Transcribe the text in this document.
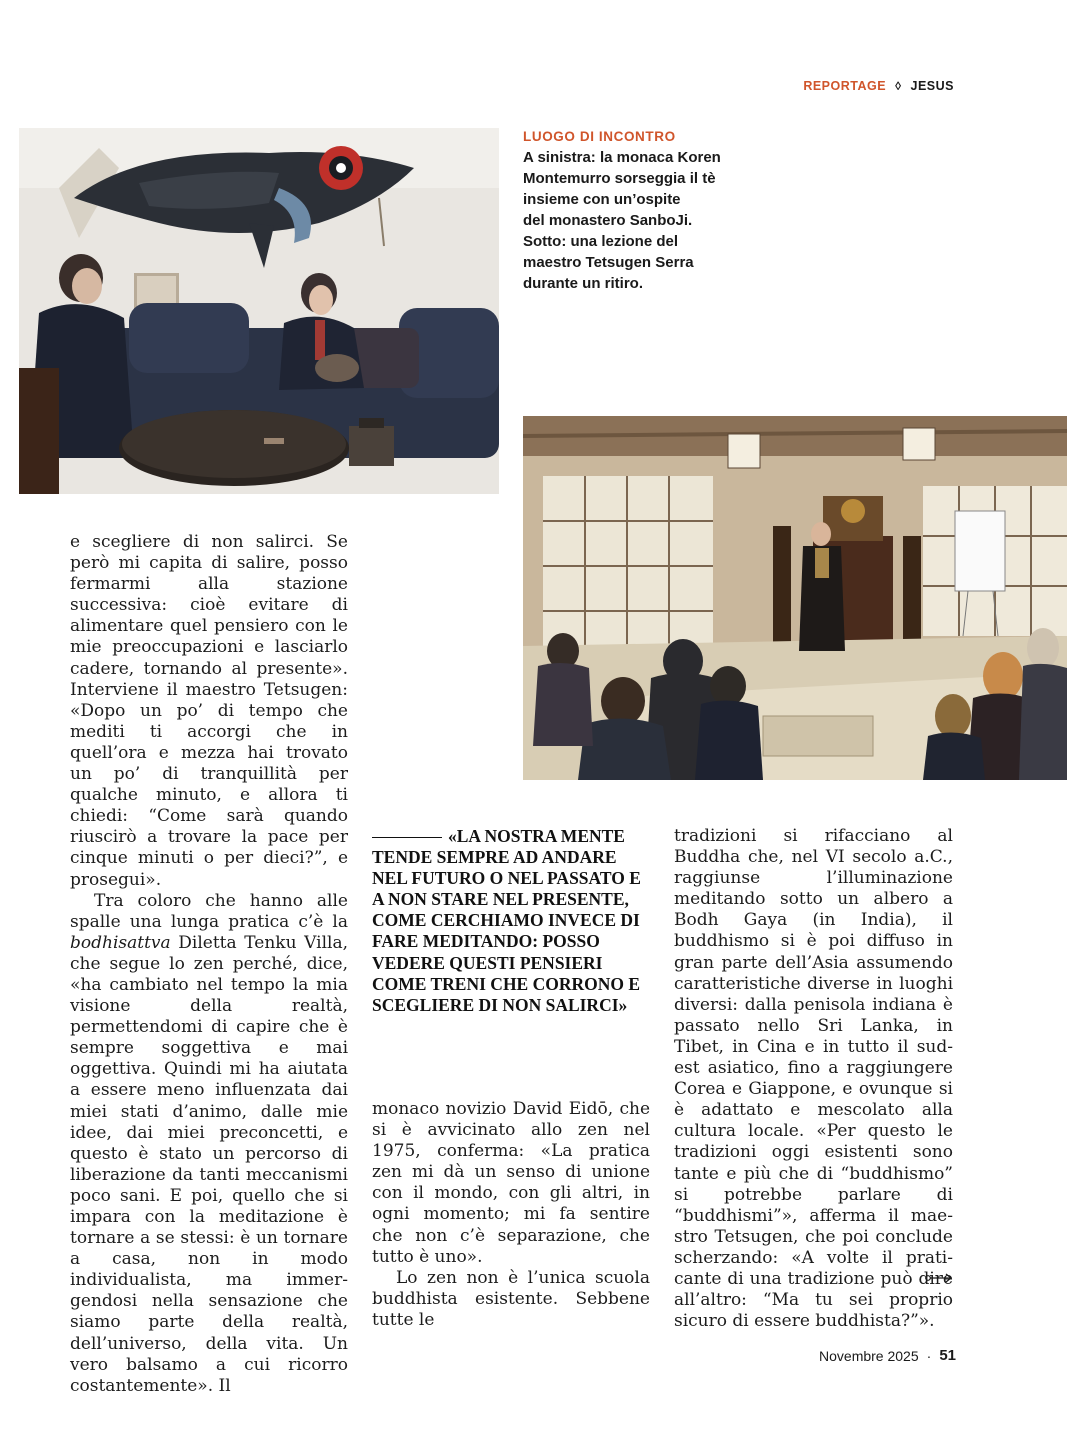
REPORTAGE ◊ JESUS
LUOGO DI INCONTRO
A sinistra: la monaca Koren
Montemurro sorseggia il tè
insieme con un’ospite
del monastero SanboJi.
Sotto: una lezione del
maestro Tetsugen Serra
durante un ritiro.

e scegliere di non salirci. Se però mi capita di salire, posso fermarmi alla stazione successiva: cioè evitare di alimentare quel pensiero con le mie preoccupazioni e lasciarlo cadere, tornando al presente». Interviene il maestro Tetsugen: «Dopo un po’ di tempo che mediti ti accorgi che in quell’ora e mezza hai trovato un po’ di tranquillità per qualche minuto, e allora ti chiedi: “Come sarà quando riuscirò a trovare la pace per cinque minuti o per dieci?”, e prosegui».

Tra coloro che hanno alle spalle una lunga pratica c’è la bodhisattva Diletta Tenku Villa, che segue lo zen perché, dice, «ha cambiato nel tempo la mia visione della realtà, permettendomi di capire che è sempre soggettiva e mai oggettiva. Quindi mi ha aiutata a essere meno influenzata dai miei stati d’animo, dalle mie idee, dai miei preconcetti, e questo è stato un percorso di liberazione da tanti meccanismi poco sani. E poi, quello che si impara con la meditazione è tornare a se stessi: è un tornare a casa, non in modo individualista, ma immergendosi nella sensazione che siamo parte della realtà, dell’universo, della vita. Un vero balsamo a cui ricorro costantemente». Il

«LA NOSTRA MENTE TENDE SEMPRE AD ANDARE NEL FUTURO O NEL PASSATO E A NON STARE NEL PRESENTE, COME CERCHIAMO INVECE DI FARE MEDITANDO: POSSO VEDERE QUESTI PENSIERI COME TRENI CHE CORRONO E SCEGLIERE DI NON SALIRCI»

monaco novizio David Eidō, che si è avvicinato allo zen nel 1975, conferma: «La pratica zen mi dà un senso di unione con il mondo, con gli altri, in ogni momento; mi fa sentire che non c’è separazione, che tutto è uno».

Lo zen non è l’unica scuola buddhista esistente. Sebbene tutte le

tradizioni si rifacciano al Buddha che, nel VI secolo a.C., raggiunse l’illuminazione meditando sotto un albero a Bodh Gaya (in India), il buddhismo si è poi diffuso in gran parte dell’Asia assumendo caratteristiche diverse in luoghi diversi: dalla penisola indiana è passato nello Sri Lanka, in Tibet, in Cina e in tutto il sud-est asiatico, fino a raggiungere Corea e Giappone, e ovunque si è adattato e mescolato alla cultura locale. «Per questo le tradizioni oggi esistenti sono tante e più che di “buddhismo” si potrebbe parlare di “buddhismi”», afferma il maestro Tetsugen, che poi conclude scherzando: «A volte il praticante di una tradizione può dire all’altro: “Ma tu sei proprio sicuro di essere buddhista?”».

Novembre 2025 · 51
